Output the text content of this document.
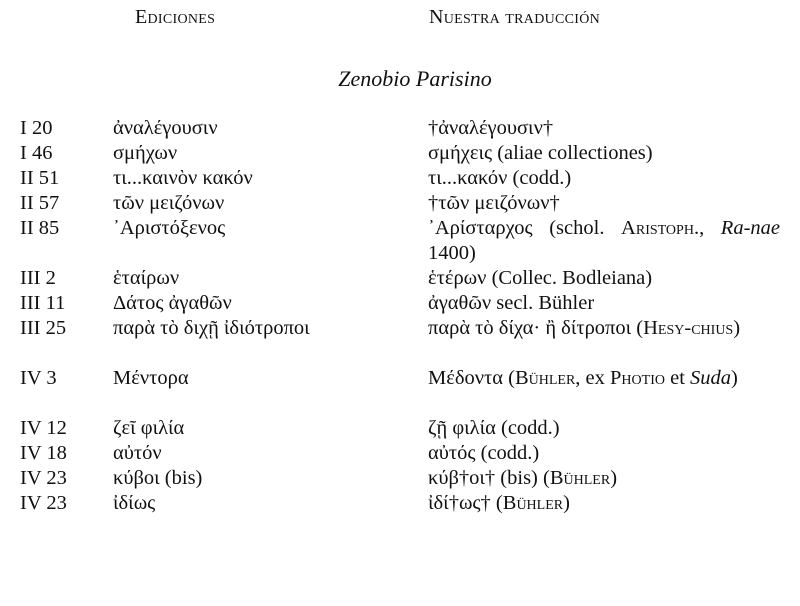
Ediciones	Nuestra traducción
Zenobio Parisino
I 20	ἀναλέγουσιν	†ἀναλέγουσιν†
I 46	σμήχων	σμήχεις (aliae collectiones)
II 51	τι...καινὸν κακόν	τι...κακόν (codd.)
II 57	τῶν μειζόνων	†τῶν μειζόνων†
II 85	᾿Αριστόξενος	᾿Αρίσταρχος (schol. Aristoph., Ra-nae 1400)
III 2	ἑταίρων	ἑτέρων (Collec. Bodleiana)
III 11	Δάτος ἀγαθῶν	ἀγαθῶν secl. Bühler
III 25	παρὰ τὸ διχῇ ἰδιότροποι	παρὰ τὸ δίχα· ἢ δίτροποι (Hesy-chius)
IV 3	Μέντορα	Μέδοντα (Bühler, ex Photio et Suda)
IV 12	ζεῖ φιλία	ζῇ φιλία (codd.)
IV 18	αὐτόν	αὐτός (codd.)
IV 23	κύβοι (bis)	κύβ†οι† (bis) (Bühler)
IV 23	ἰδίως	ἰδί†ως† (Bühler)
